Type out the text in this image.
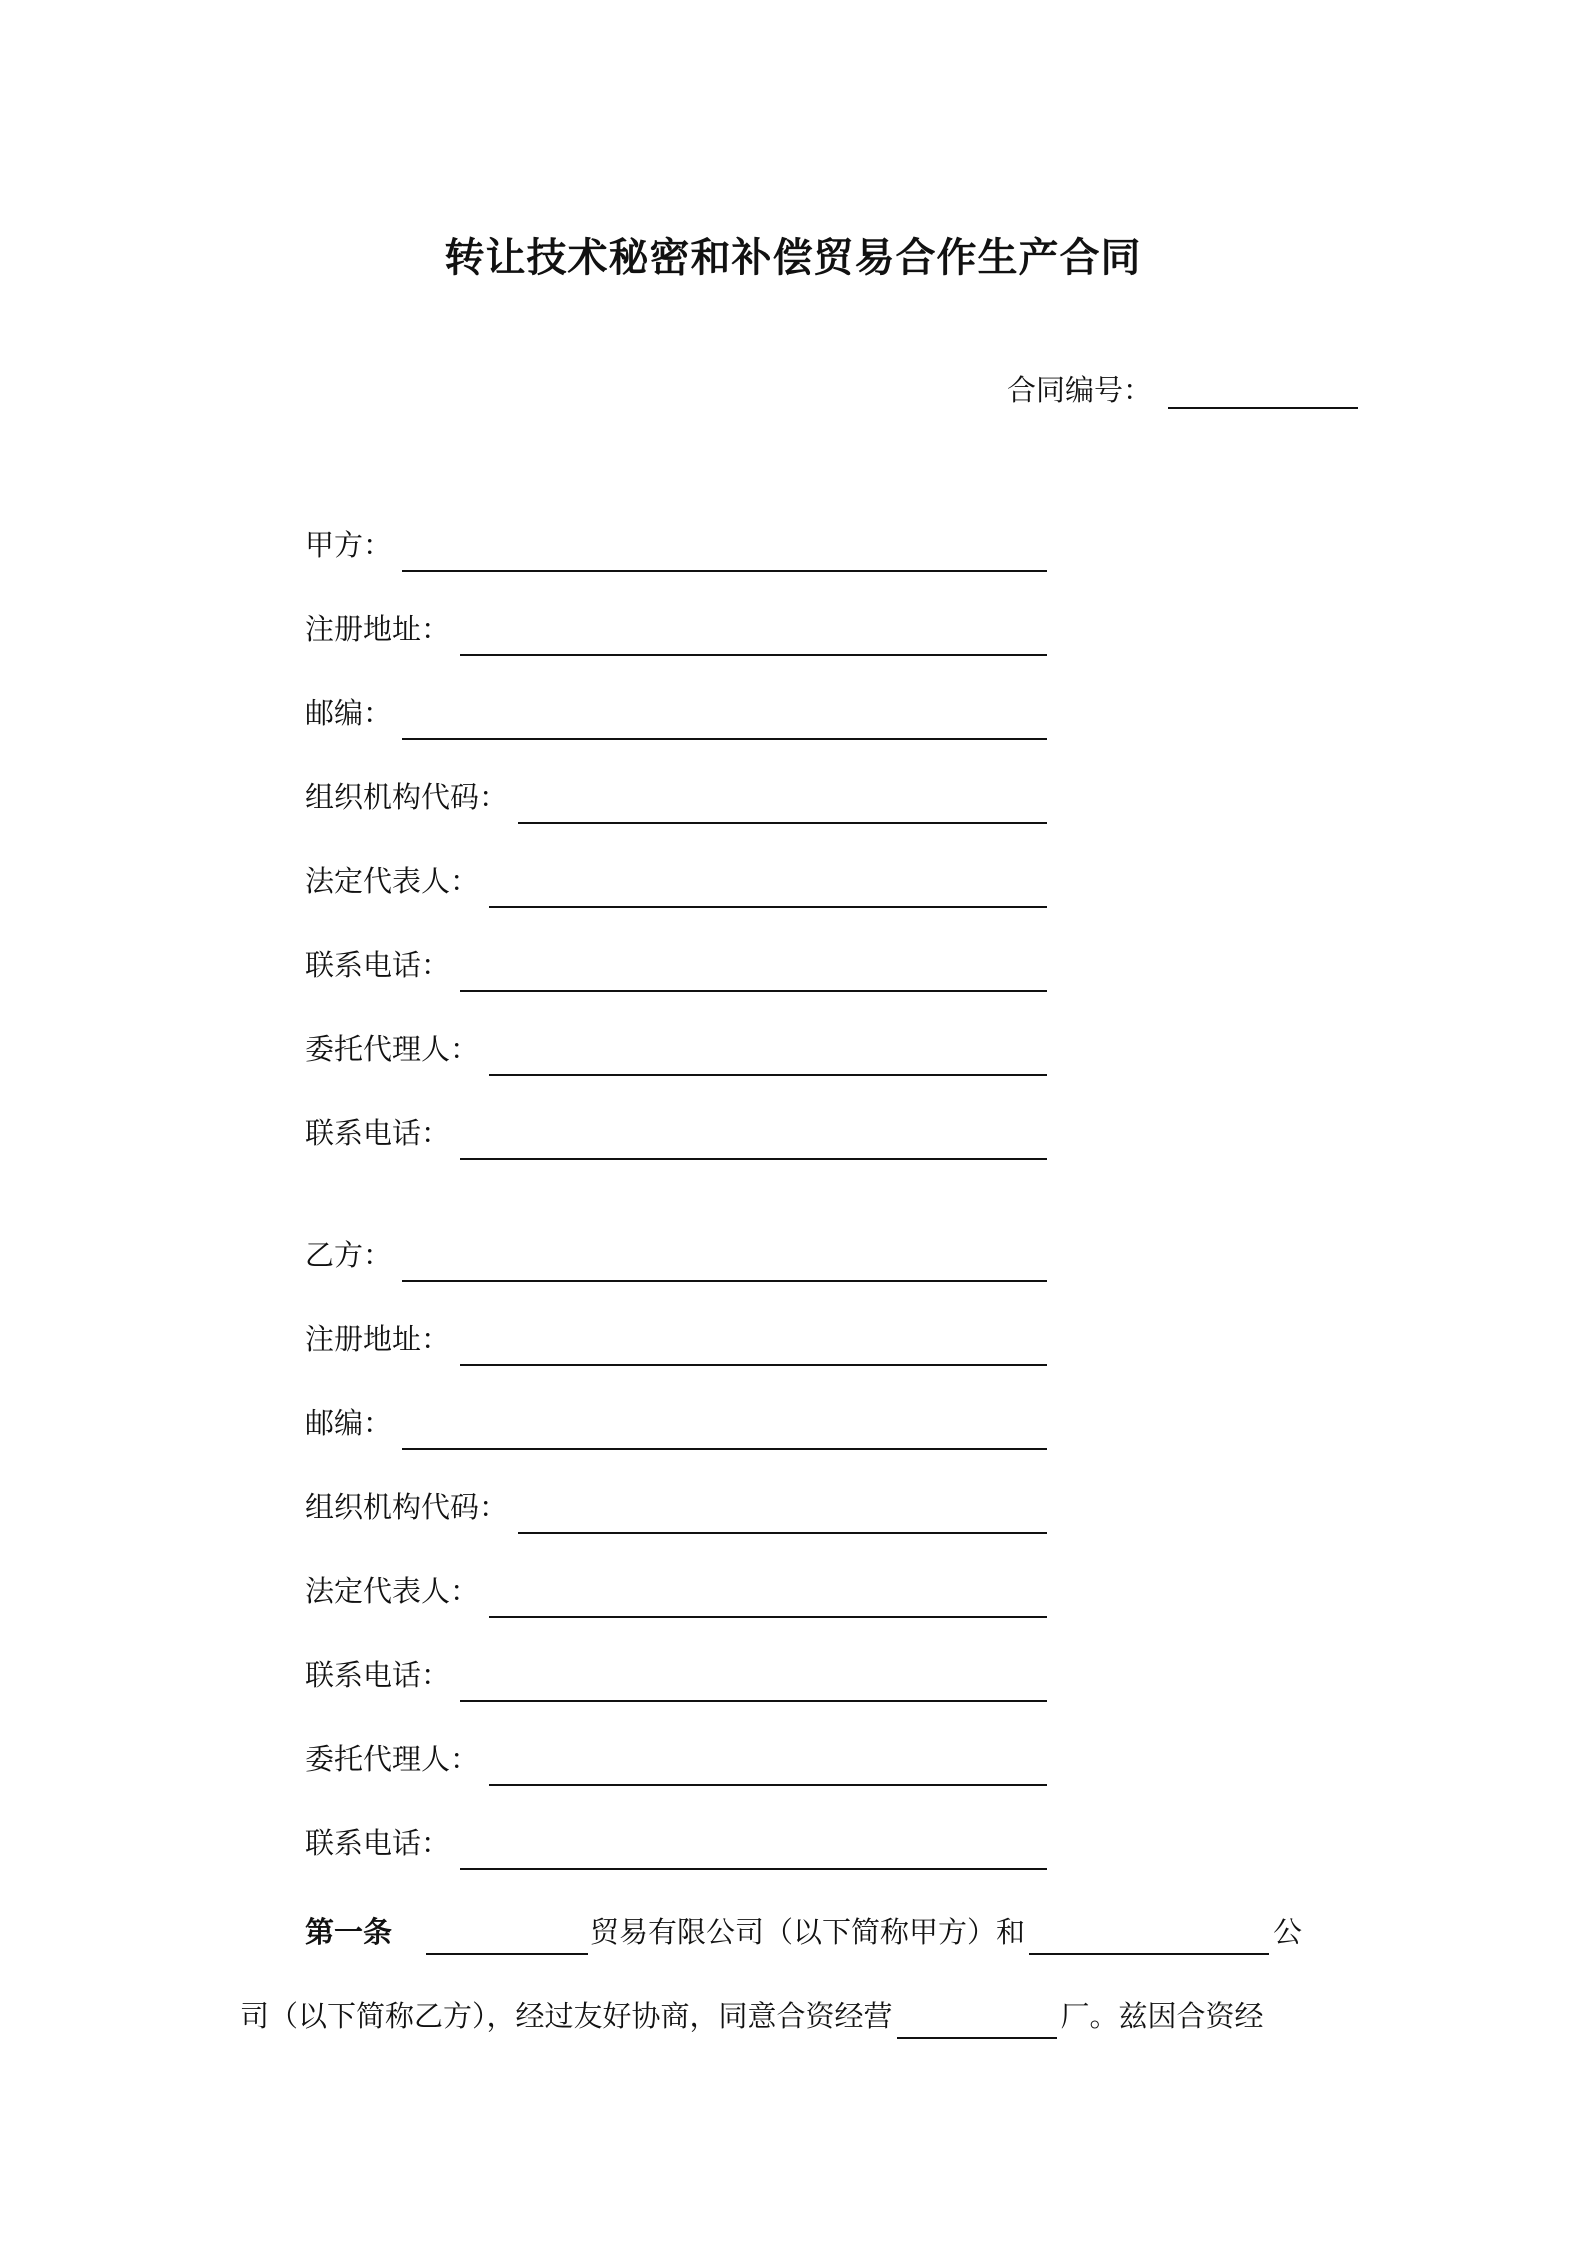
转让技术秘密和补偿贸易合作生产合同
合同编号：
甲方：
注册地址：
邮编：
组织机构代码：
法定代表人：
联系电话：
委托代理人：
联系电话：
乙方：
注册地址：
邮编：
组织机构代码：
法定代表人：
联系电话：
委托代理人：
联系电话：
第一条	贸易有限公司（以下简称甲方）和	公
司（以下简称乙方），经过友好协商，同意合资经营	厂。兹因合资经
